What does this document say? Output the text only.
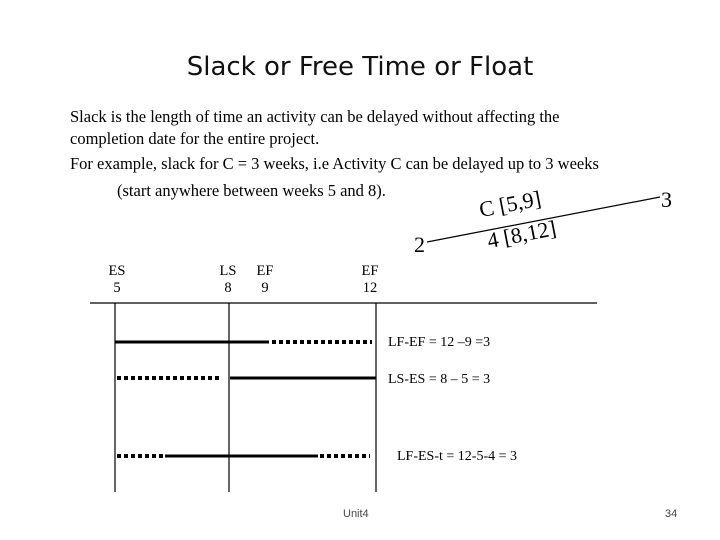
Slack or Free Time or Float
Slack is the length of time an activity can be delayed without affecting the
completion date for the entire project.
For example, slack for C = 3 weeks, i.e Activity C can be delayed up to 3 weeks
(start anywhere between weeks 5 and 8).
2
3
C [5,9]
4 [8,12]
ES
5
LS
8
EF
9
EF
12
LF-EF = 12 –9 =3
LS-ES = 8 – 5 = 3
LF-ES-t = 12-5-4 = 3
Unit4	34
